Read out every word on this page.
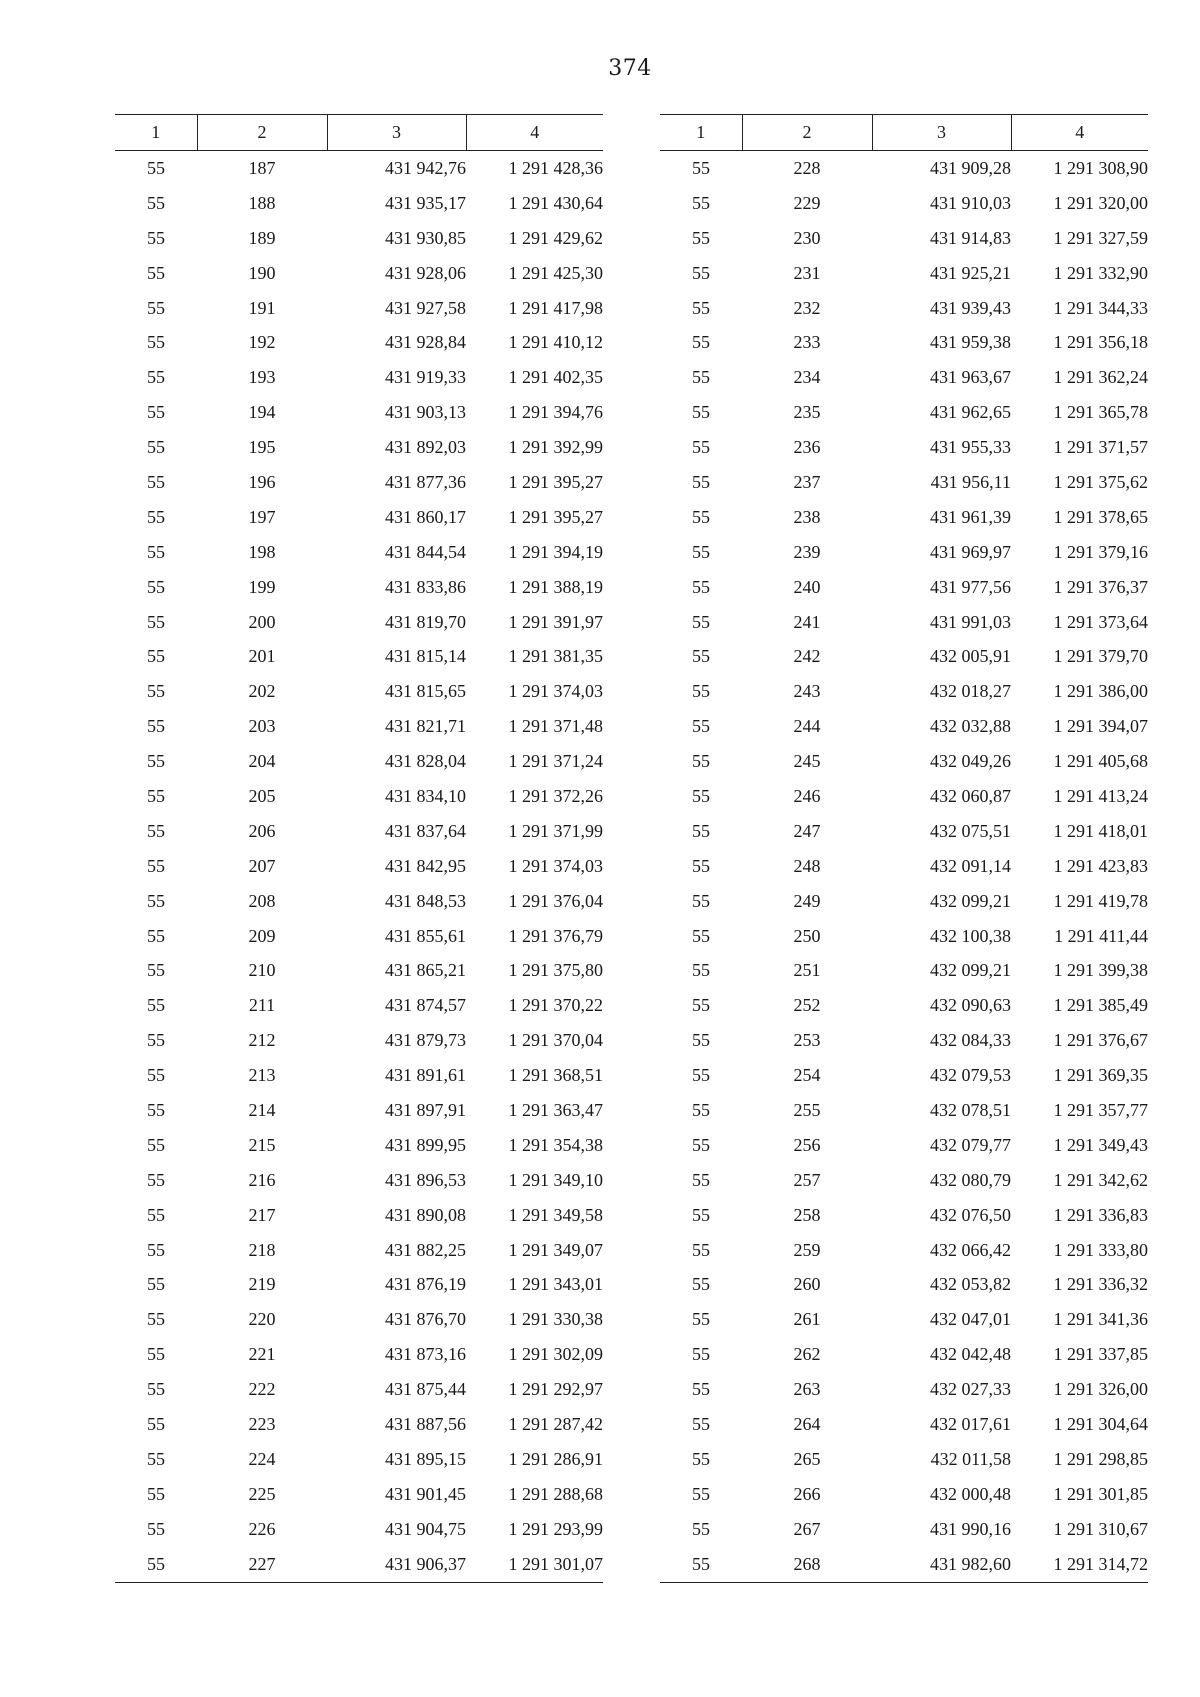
374
1	2	3	4
55	187	431 942,76	1 291 428,36
55	188	431 935,17	1 291 430,64
55	189	431 930,85	1 291 429,62
55	190	431 928,06	1 291 425,30
55	191	431 927,58	1 291 417,98
55	192	431 928,84	1 291 410,12
55	193	431 919,33	1 291 402,35
55	194	431 903,13	1 291 394,76
55	195	431 892,03	1 291 392,99
55	196	431 877,36	1 291 395,27
55	197	431 860,17	1 291 395,27
55	198	431 844,54	1 291 394,19
55	199	431 833,86	1 291 388,19
55	200	431 819,70	1 291 391,97
55	201	431 815,14	1 291 381,35
55	202	431 815,65	1 291 374,03
55	203	431 821,71	1 291 371,48
55	204	431 828,04	1 291 371,24
55	205	431 834,10	1 291 372,26
55	206	431 837,64	1 291 371,99
55	207	431 842,95	1 291 374,03
55	208	431 848,53	1 291 376,04
55	209	431 855,61	1 291 376,79
55	210	431 865,21	1 291 375,80
55	211	431 874,57	1 291 370,22
55	212	431 879,73	1 291 370,04
55	213	431 891,61	1 291 368,51
55	214	431 897,91	1 291 363,47
55	215	431 899,95	1 291 354,38
55	216	431 896,53	1 291 349,10
55	217	431 890,08	1 291 349,58
55	218	431 882,25	1 291 349,07
55	219	431 876,19	1 291 343,01
55	220	431 876,70	1 291 330,38
55	221	431 873,16	1 291 302,09
55	222	431 875,44	1 291 292,97
55	223	431 887,56	1 291 287,42
55	224	431 895,15	1 291 286,91
55	225	431 901,45	1 291 288,68
55	226	431 904,75	1 291 293,99
55	227	431 906,37	1 291 301,07
1	2	3	4
55	228	431 909,28	1 291 308,90
55	229	431 910,03	1 291 320,00
55	230	431 914,83	1 291 327,59
55	231	431 925,21	1 291 332,90
55	232	431 939,43	1 291 344,33
55	233	431 959,38	1 291 356,18
55	234	431 963,67	1 291 362,24
55	235	431 962,65	1 291 365,78
55	236	431 955,33	1 291 371,57
55	237	431 956,11	1 291 375,62
55	238	431 961,39	1 291 378,65
55	239	431 969,97	1 291 379,16
55	240	431 977,56	1 291 376,37
55	241	431 991,03	1 291 373,64
55	242	432 005,91	1 291 379,70
55	243	432 018,27	1 291 386,00
55	244	432 032,88	1 291 394,07
55	245	432 049,26	1 291 405,68
55	246	432 060,87	1 291 413,24
55	247	432 075,51	1 291 418,01
55	248	432 091,14	1 291 423,83
55	249	432 099,21	1 291 419,78
55	250	432 100,38	1 291 411,44
55	251	432 099,21	1 291 399,38
55	252	432 090,63	1 291 385,49
55	253	432 084,33	1 291 376,67
55	254	432 079,53	1 291 369,35
55	255	432 078,51	1 291 357,77
55	256	432 079,77	1 291 349,43
55	257	432 080,79	1 291 342,62
55	258	432 076,50	1 291 336,83
55	259	432 066,42	1 291 333,80
55	260	432 053,82	1 291 336,32
55	261	432 047,01	1 291 341,36
55	262	432 042,48	1 291 337,85
55	263	432 027,33	1 291 326,00
55	264	432 017,61	1 291 304,64
55	265	432 011,58	1 291 298,85
55	266	432 000,48	1 291 301,85
55	267	431 990,16	1 291 310,67
55	268	431 982,60	1 291 314,72
